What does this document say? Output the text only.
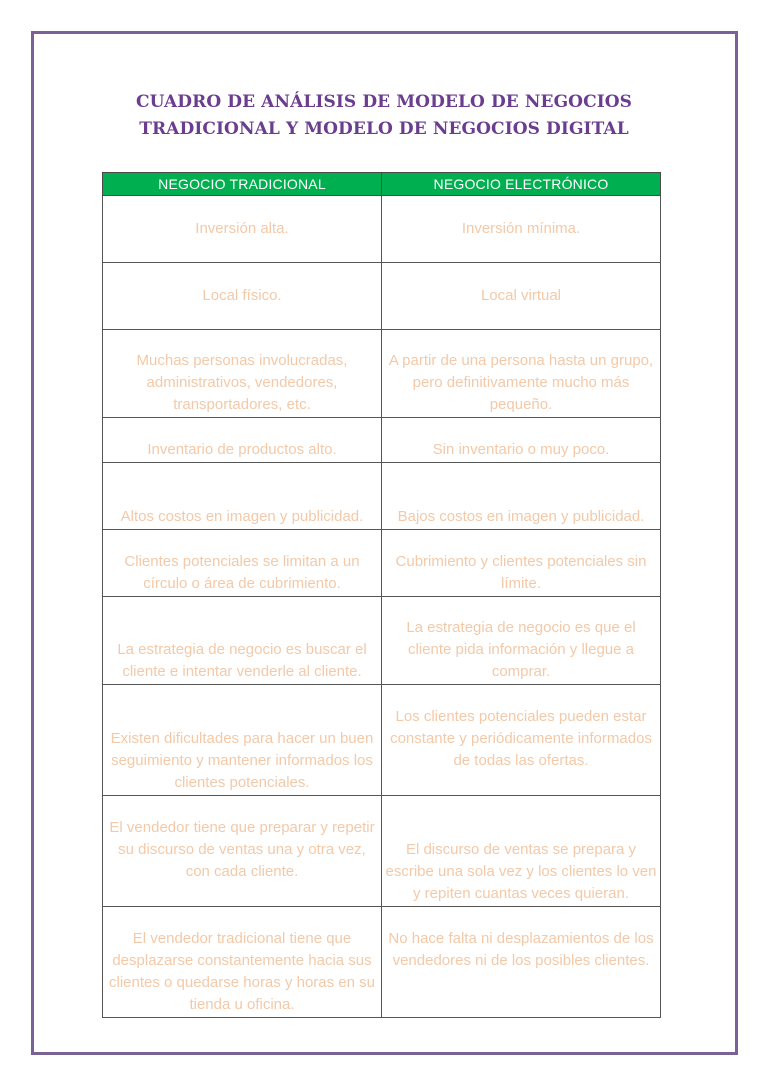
CUADRO DE ANÁLISIS DE MODELO DE NEGOCIOS
TRADICIONAL Y MODELO DE NEGOCIOS DIGITAL
NEGOCIO TRADICIONAL	NEGOCIO ELECTRÓNICO
Inversión alta.	Inversión mínima.
Local físico.	Local virtual
Muchas personas involucradas, administrativos, vendedores, transportadores, etc.	A partir de una persona hasta un grupo, pero definitivamente mucho más pequeño.
Inventario de productos alto.	Sin inventario o muy poco.
Altos costos en imagen y publicidad.	Bajos costos en imagen y publicidad.
Clientes potenciales se limitan a un círculo o área de cubrimiento.	Cubrimiento y clientes potenciales sin límite.
La estrategia de negocio es buscar el cliente e intentar venderle al cliente.	La estrategia de negocio es que el cliente pida información y llegue a comprar.
Existen dificultades para hacer un buen seguimiento y mantener informados los clientes potenciales.	Los clientes potenciales pueden estar constante y periódicamente informados de todas las ofertas.
El vendedor tiene que preparar y repetir su discurso de ventas una y otra vez, con cada cliente.	El discurso de ventas se prepara y escribe una sola vez y los clientes lo ven y repiten cuantas veces quieran.
El vendedor tradicional tiene que desplazarse constantemente hacia sus clientes o quedarse horas y horas en su tienda u oficina.	No hace falta ni desplazamientos de los vendedores ni de los posibles clientes.
